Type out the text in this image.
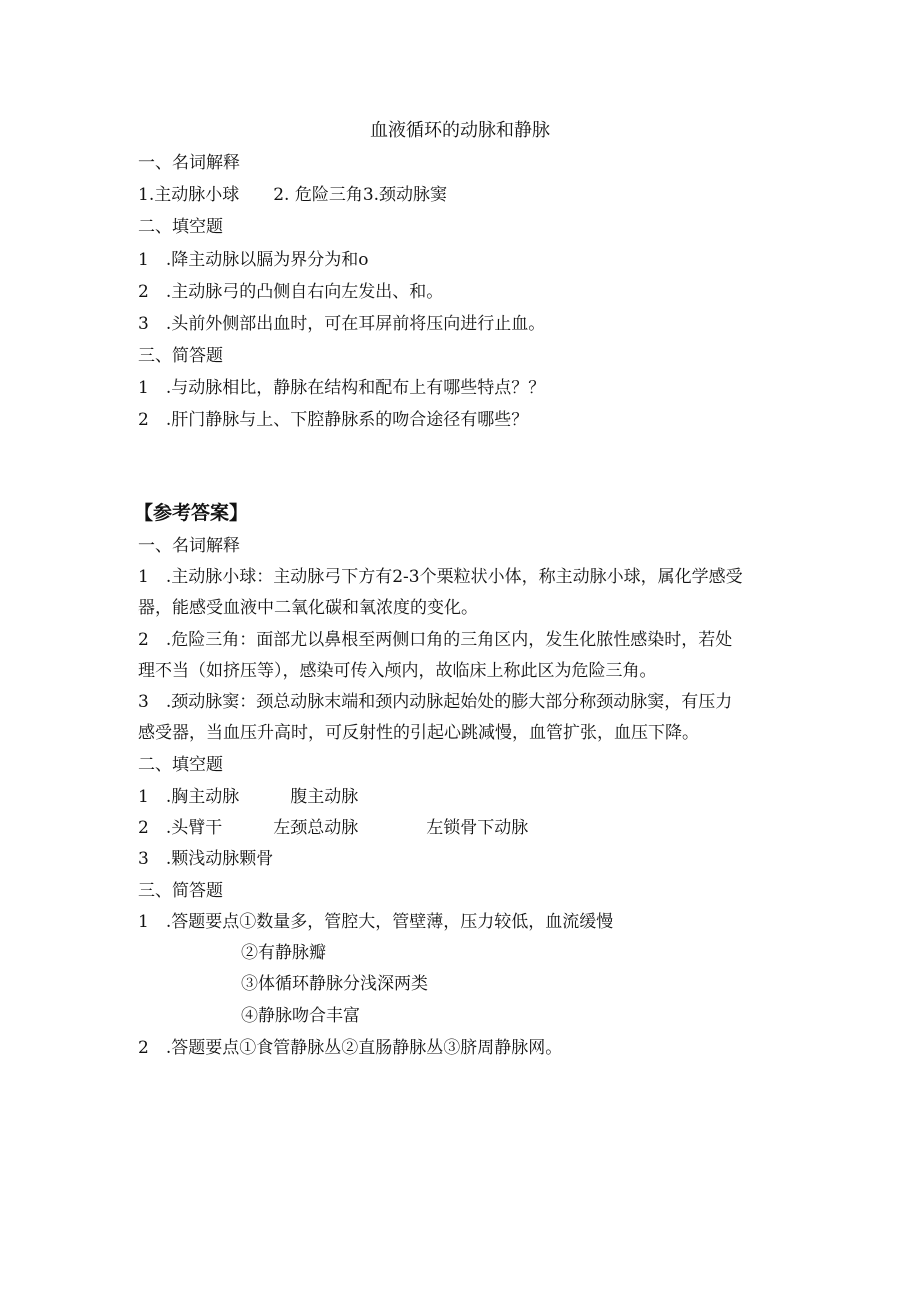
血液循环的动脉和静脉
一、名词解释
1.主动脉小球　　2. 危险三角3.颈动脉窦
二、填空题
1　.降主动脉以膈为界分为和o
2　.主动脉弓的凸侧自右向左发出、和。
3　.头前外侧部出血时，可在耳屏前将压向进行止血。
三、简答题
1　.与动脉相比，静脉在结构和配布上有哪些特点？？
2　.肝门静脉与上、下腔静脉系的吻合途径有哪些？
【参考答案】
一、名词解释
1　.主动脉小球：主动脉弓下方有2-3个栗粒状小体，称主动脉小球，属化学感受
器，能感受血液中二氧化碳和氧浓度的变化。
2　.危险三角：面部尤以鼻根至两侧口角的三角区内，发生化脓性感染时，若处
理不当（如挤压等），感染可传入颅内，故临床上称此区为危险三角。
3　.颈动脉窦：颈总动脉末端和颈内动脉起始处的膨大部分称颈动脉窦，有压力
感受器，当血压升高时，可反射性的引起心跳减慢，血管扩张，血压下降。
二、填空题
1　.胸主动脉　　　腹主动脉
2　.头臂干　　　左颈总动脉　　　　左锁骨下动脉
3　.颗浅动脉颗骨
三、简答题
1　.答题要点①数量多，管腔大，管壁薄，压力较低，血流缓慢
②有静脉瓣
③体循环静脉分浅深两类
④静脉吻合丰富
2　.答题要点①食管静脉丛②直肠静脉丛③脐周静脉网。
